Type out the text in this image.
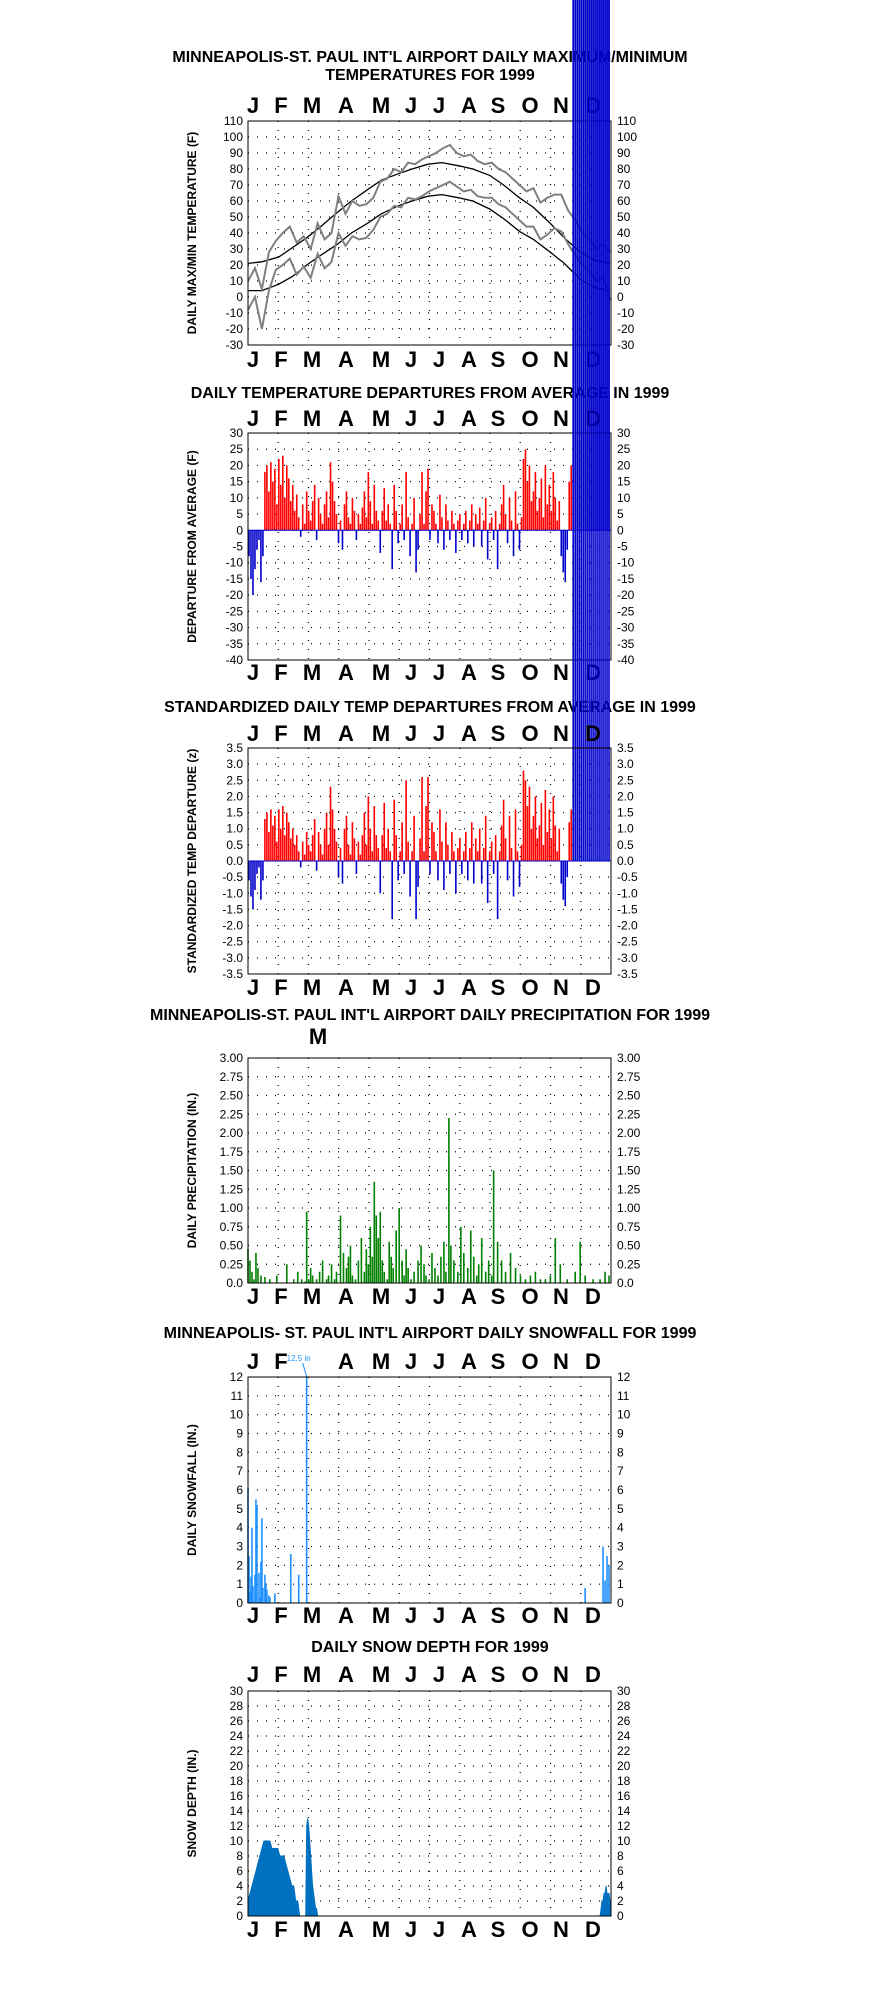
MINNEAPOLIS-ST. PAUL INT'L AIRPORT DAILY MAXIMUM/MINIMUM
TEMPERATURES FOR 1999
110	110
100	100
90	90
80	80
70	70
60	60
50	50
40	40
30	30
20	20
10	10
0	0
-10	-10
-20	-20
-30	-30
DAILY MAX/MIN TEMPERATURE (F)
J
J
F
F
M
M
A
A
M
M
J
J
J
J
A
A
S
S
O
O
N
N
D
D
DAILY TEMPERATURE DEPARTURES FROM AVERAGE IN 1999
30	30
25	25
20	20
15	15
10	10
5	5
0	0
-5	-5
-10	-10
-15	-15
-20	-20
-25	-25
-30	-30
-35	-35
-40	-40
DEPARTURE FROM AVERAGE (F)
J
J
F
F
M
M
A
A
M
M
J
J
J
J
A
A
S
S
O
O
N
N
D
D
STANDARDIZED DAILY TEMP DEPARTURES FROM AVERAGE IN 1999
3.5	3.5
3.0	3.0
2.5	2.5
2.0	2.0
1.5	1.5
1.0	1.0
0.5	0.5
0.0	0.0
-0.5	-0.5
-1.0	-1.0
-1.5	-1.5
-2.0	-2.0
-2.5	-2.5
-3.0	-3.0
-3.5	-3.5
STANDARDIZED TEMP DEPARTURE (z)
J
J
F
F
M
M
A
A
M
M
J
J
J
J
A
A
S
S
O
O
N
N
D
D
MINNEAPOLIS-ST. PAUL INT'L AIRPORT DAILY PRECIPITATION FOR 1999
3.00	3.00
2.75	2.75
2.50	2.50
2.25	2.25
2.00	2.00
1.75	1.75
1.50	1.50
1.25	1.25
1.00	1.00
0.75	0.75
0.50	0.50
0.25	0.25
0.0	0.0
DAILY PRECIPITATION (IN.)
J F M A M J J A S O N D
MINNEAPOLIS- ST. PAUL INT'L AIRPORT DAILY SNOWFALL FOR 1999
12.5 in
12	12
11	11
10	10
9	9
8	8
7	7
6	6
5	5
4	4
3	3
2	2
1	1
0	0
DAILY SNOWFALL (IN.)
J
J
F
F
M
M
A
A
M
M
J
J
J
J
A
A
S
S
O
O
N
N
D
D
DAILY SNOW DEPTH FOR 1999
30	30
28	28
26	26
24	24
22	22
20	20
18	18
16	16
14	14
12	12
10	10
8	8
6	6
4	4
2	2
0	0
SNOW DEPTH (IN.)
J
J
F
F
M
M
A
A
M
M
J
J
J
J
A
A
S
S
O
O
N
N
D
D
